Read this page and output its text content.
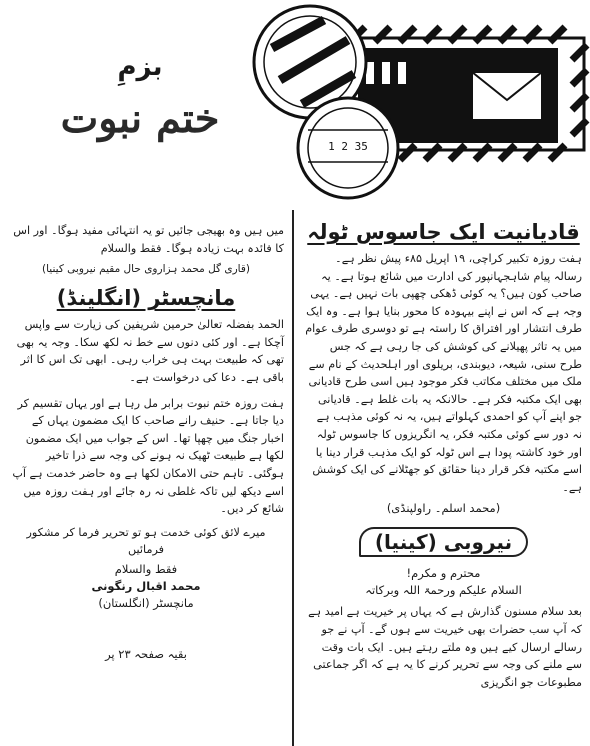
بزمِ
ختم نبوت
1 2 35

میں ہیں وہ بھیجی جائیں تو یہ انتہائی مفید ہوگا۔ اور اس کا فائدہ بہت زیادہ ہوگا۔ فقط والسلام

(قاری گل محمد ہزاروی حال مقیم نیروبی کینیا)
مانچسٹر (انگلینڈ)

الحمد بفضلہ تعالیٰ حرمین شریفین کی زیارت سے واپس آچکا ہے۔ اور کئی دنوں سے خط نہ لکھ سکا۔ وجہ یہ بھی تھی کہ طبیعت بہت ہی خراب رہی۔ ابھی تک اس کا اثر باقی ہے۔ دعا کی درخواست ہے۔

ہفت روزہ ختم نبوت برابر مل رہا ہے اور یہاں تقسیم کر دیا جاتا ہے۔ حنیف رانے صاحب کا ایک مضمون یہاں کے اخبار جنگ میں چھپا تھا۔ اس کے جواب میں ایک مضمون لکھا ہے طبیعت ٹھیک نہ ہونے کی وجہ سے ذرا تاخیر ہوگئی۔ تاہم حتی الامکان لکھا ہے وہ حاضر خدمت ہے آپ اسے دیکھ لیں تاکہ غلطی نہ رہ جائے اور ہفت روزہ میں شائع کر دیں۔

میرے لائق کوئی خدمت ہو تو تحریر فرما کر مشکور فرمائیں

فقط والسلام
محمد اقبال رنگونی
مانچسٹر (انگلستان)
بقیہ صفحہ ۲۳ پر
قادیانیت ایک جاسوس ٹولہ

ہفت روزہ تکبیر کراچی، ۱۹ اپریل ۸۵ء پیش نظر ہے۔ رسالہ پیام شاہجہانپور کی ادارت میں شائع ہوتا ہے۔ یہ صاحب کون ہیں؟ یہ کوئی ڈھکی چھپی بات نہیں ہے۔ یہی وجہ ہے کہ اس نے اپنے بیہودہ کا محور بنایا ہوا ہے۔ وہ ایک طرف انتشار اور افتراق کا راستہ ہے تو دوسری طرف عوام میں یہ تاثر پھیلانے کی کوشش کی جا رہی ہے کہ جس طرح سنی، شیعہ، دیوبندی، بریلوی اور اہلحدیث کے نام سے ملک میں مختلف مکاتب فکر موجود ہیں اسی طرح قادیانی بھی ایک مکتبہ فکر ہے۔ حالانکہ یہ بات غلط ہے۔ قادیانی جو اپنے آپ کو احمدی کہلواتے ہیں، یہ نہ کوئی مذہب ہے نہ دور سے کوئی مکتبہ فکر، یہ انگریزوں کا جاسوس ٹولہ اور خود کاشتہ پودا ہے اس ٹولہ کو ایک مذہب قرار دینا یا اسے مکتبہ فکر قرار دینا حقائق کو جھٹلانے کی ایک کوشش ہے۔

(محمد اسلم۔ راولپنڈی)
نیروبی (کینیا)
محترم و مکرم!
السلام علیکم ورحمۃ اللہ وبرکاتہ

بعد سلام مسنون گذارش ہے کہ یہاں پر خیریت ہے امید ہے کہ آپ سب حضرات بھی خیریت سے ہوں گے۔ آپ نے جو رسالے ارسال کیے ہیں وہ ملتے رہتے ہیں۔ ایک بات وقت سے ملنے کی وجہ سے تحریر کرنے کا یہ ہے کہ اگر جماعتی مطبوعات جو انگریزی
